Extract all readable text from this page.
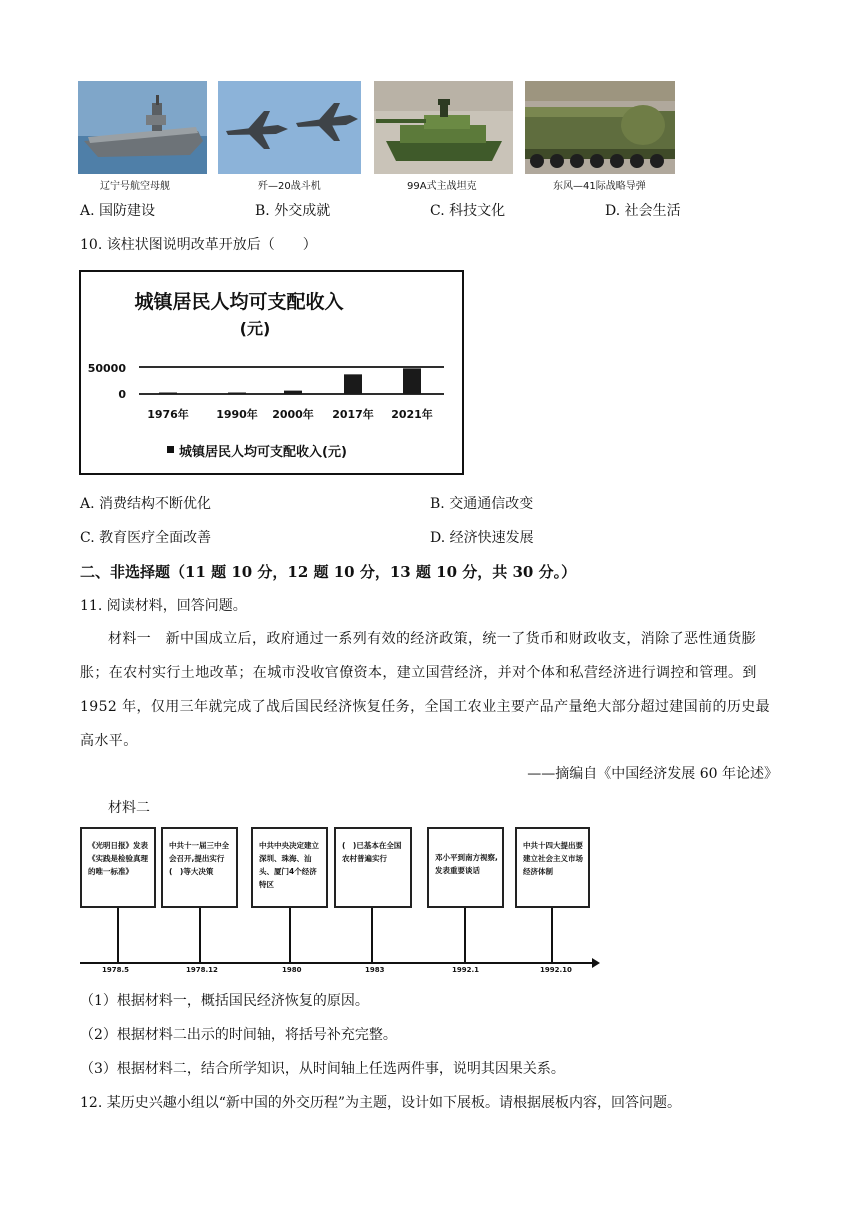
辽宁号航空母舰	歼—20战斗机	99A式主战坦克	东风—41际战略导弹
A. 国防建设	B. 外交成就	C. 科技文化	D. 社会生活
10. 该柱状图说明改革开放后（　　）
城镇居民人均可支配收入
(元)
50000
0
1976年 1990年 2000年 2017年 2021年
城镇居民人均可支配收入(元)
A. 消费结构不断优化	B. 交通通信改变
C. 教育医疗全面改善	D. 经济快速发展
二、非选择题（11 题 10 分，12 题 10 分，13 题 10 分，共 30 分。）
11. 阅读材料，回答问题。
材料一　新中国成立后，政府通过一系列有效的经济政策，统一了货币和财政收支，消除了恶性通货膨胀；在农村实行土地改革；在城市没收官僚资本，建立国营经济，并对个体和私营经济进行调控和管理。到 1952 年，仅用三年就完成了战后国民经济恢复任务，全国工农业主要产品产量绝大部分超过建国前的历史最高水平。
——摘编自《中国经济发展 60 年论述》
材料二
《光明日报》发表《实践是检验真理的唯一标准》
中共十一届三中全会召开,提出实行(　)等大决策
中共中央决定建立深圳、珠海、汕头、厦门4个经济特区
(　)已基本在全国农村普遍实行	邓小平到南方视察,发表重要谈话
中共十四大提出要建立社会主义市场经济体制
1978.5	1978.12	1980	1983	1992.1	1992.10
（1）根据材料一，概括国民经济恢复的原因。
（2）根据材料二出示的时间轴，将括号补充完整。
（3）根据材料二，结合所学知识，从时间轴上任选两件事，说明其因果关系。
12. 某历史兴趣小组以“新中国的外交历程”为主题，设计如下展板。请根据展板内容，回答问题。
